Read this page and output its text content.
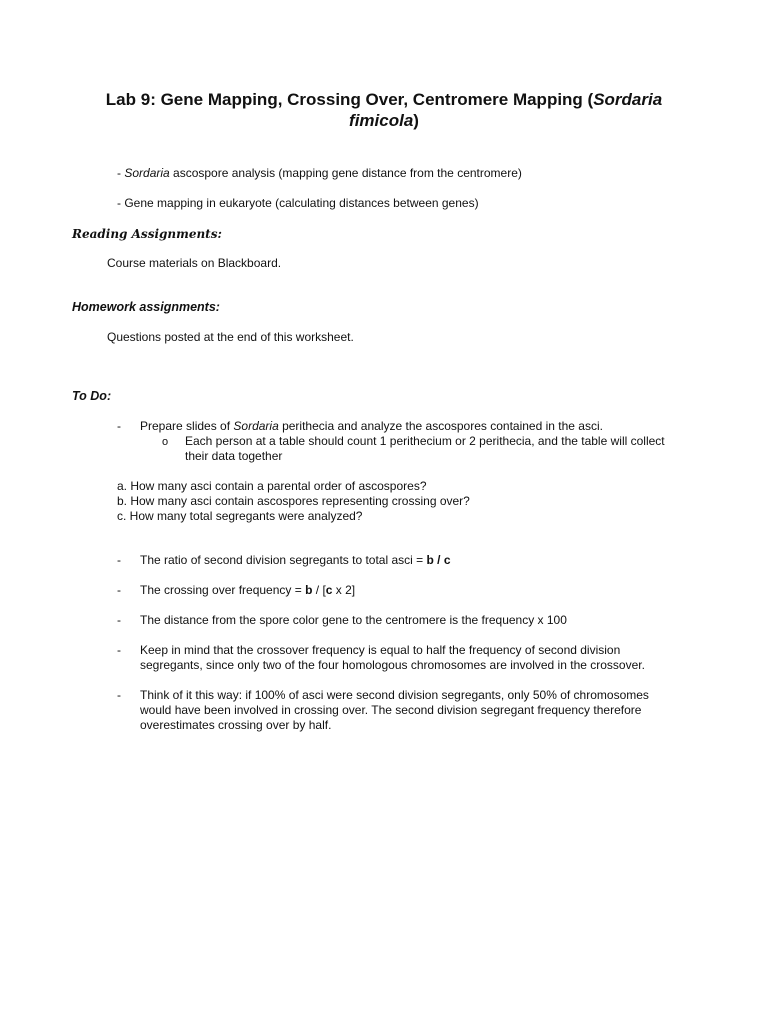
Lab 9: Gene Mapping, Crossing Over, Centromere Mapping (Sordaria fimicola)
- Sordaria ascospore analysis (mapping gene distance from the centromere)
- Gene mapping in eukaryote (calculating distances between genes)
Reading Assignments:
Course materials on Blackboard.
Homework assignments:
Questions posted at the end of this worksheet.
To Do:
- Prepare slides of Sordaria perithecia and analyze the ascospores contained in the asci.
o Each person at a table should count 1 perithecium or 2 perithecia, and the table will collect
their data together
a. How many asci contain a parental order of ascospores?
b. How many asci contain ascospores representing crossing over?
c. How many total segregants were analyzed?
- The ratio of second division segregants to total asci = b / c
- The crossing over frequency = b / [c x 2]
- The distance from the spore color gene to the centromere is the frequency x 100
- Keep in mind that the crossover frequency is equal to half the frequency of second division
segregants, since only two of the four homologous chromosomes are involved in the crossover.
- Think of it this way: if 100% of asci were second division segregants, only 50% of chromosomes
would have been involved in crossing over. The second division segregant frequency therefore
overestimates crossing over by half.
